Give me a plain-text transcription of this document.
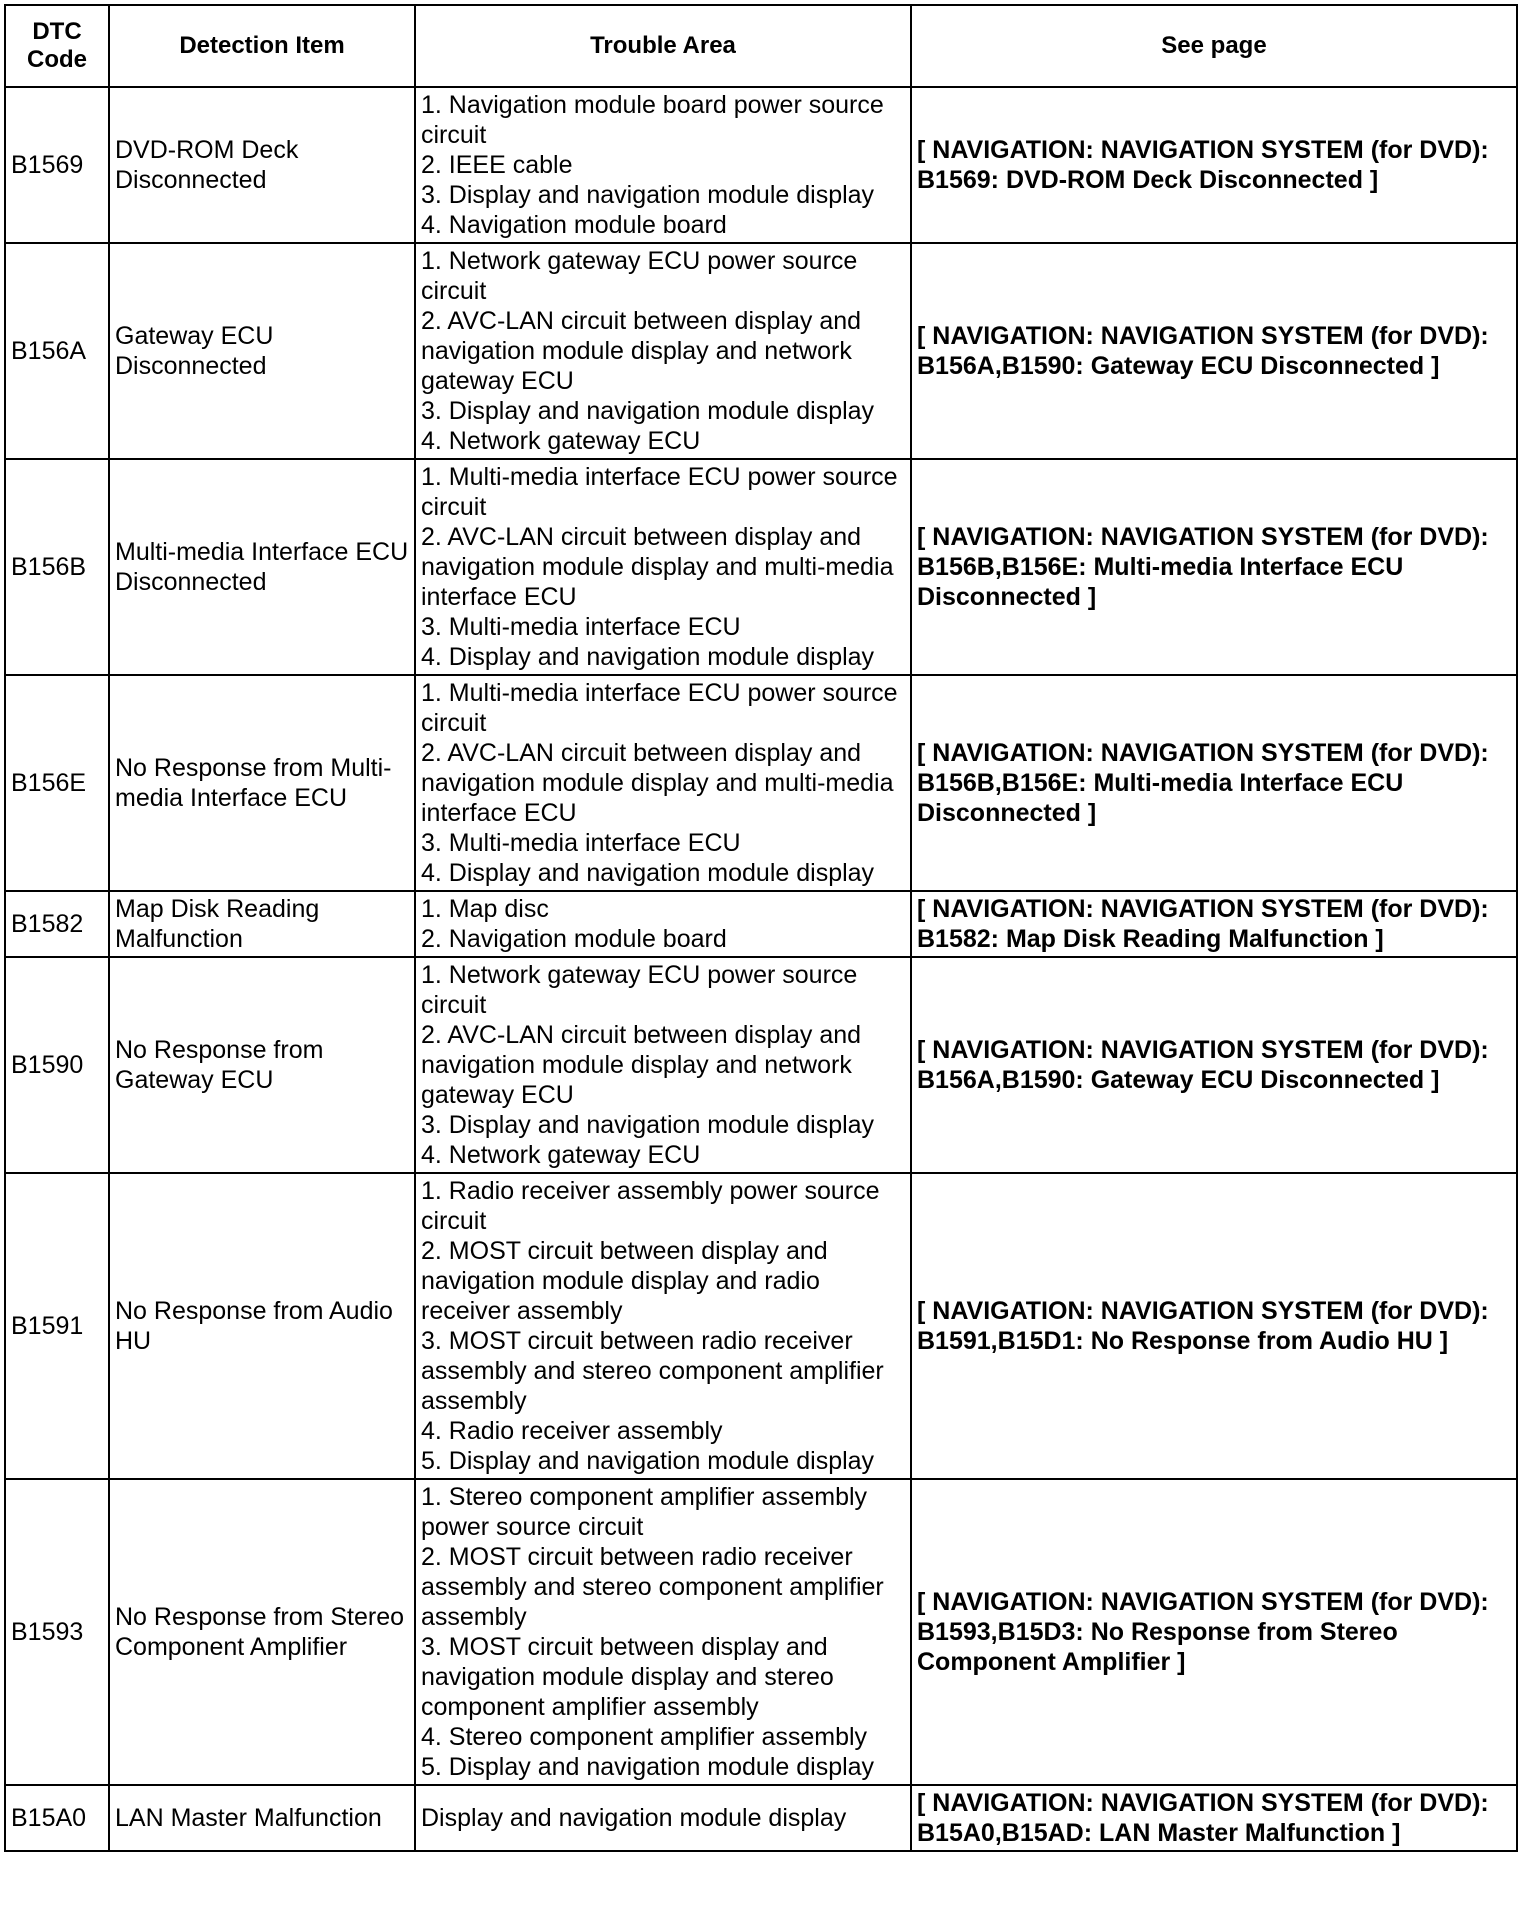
DTC Code	Detection Item	Trouble Area	See page
B1569	DVD-ROM Deck Disconnected	1. Navigation module board power source circuit
2. IEEE cable
3. Display and navigation module display
4. Navigation module board	[ NAVIGATION: NAVIGATION SYSTEM (for DVD): B1569: DVD-ROM Deck Disconnected ]
B156A	Gateway ECU Disconnected	1. Network gateway ECU power source circuit
2. AVC-LAN circuit between display and navigation module display and network gateway ECU
3. Display and navigation module display
4. Network gateway ECU	[ NAVIGATION: NAVIGATION SYSTEM (for DVD): B156A,B1590: Gateway ECU Disconnected ]
B156B	Multi-media Interface ECU Disconnected	1. Multi-media interface ECU power source circuit
2. AVC-LAN circuit between display and navigation module display and multi-media interface ECU
3. Multi-media interface ECU
4. Display and navigation module display	[ NAVIGATION: NAVIGATION SYSTEM (for DVD): B156B,B156E: Multi-media Interface ECU Disconnected ]
B156E	No Response from Multi-media Interface ECU	1. Multi-media interface ECU power source circuit
2. AVC-LAN circuit between display and navigation module display and multi-media interface ECU
3. Multi-media interface ECU
4. Display and navigation module display	[ NAVIGATION: NAVIGATION SYSTEM (for DVD): B156B,B156E: Multi-media Interface ECU Disconnected ]
B1582	Map Disk Reading Malfunction	1. Map disc
2. Navigation module board	[ NAVIGATION: NAVIGATION SYSTEM (for DVD): B1582: Map Disk Reading Malfunction ]
B1590	No Response from Gateway ECU	1. Network gateway ECU power source circuit
2. AVC-LAN circuit between display and navigation module display and network gateway ECU
3. Display and navigation module display
4. Network gateway ECU	[ NAVIGATION: NAVIGATION SYSTEM (for DVD): B156A,B1590: Gateway ECU Disconnected ]
B1591	No Response from Audio HU	1. Radio receiver assembly power source circuit
2. MOST circuit between display and navigation module display and radio receiver assembly
3. MOST circuit between radio receiver assembly and stereo component amplifier assembly
4. Radio receiver assembly
5. Display and navigation module display	[ NAVIGATION: NAVIGATION SYSTEM (for DVD): B1591,B15D1: No Response from Audio HU ]
B1593	No Response from Stereo Component Amplifier	1. Stereo component amplifier assembly power source circuit
2. MOST circuit between radio receiver assembly and stereo component amplifier assembly
3. MOST circuit between display and navigation module display and stereo component amplifier assembly
4. Stereo component amplifier assembly
5. Display and navigation module display	[ NAVIGATION: NAVIGATION SYSTEM (for DVD): B1593,B15D3: No Response from Stereo Component Amplifier ]
B15A0	LAN Master Malfunction	Display and navigation module display	[ NAVIGATION: NAVIGATION SYSTEM (for DVD): B15A0,B15AD: LAN Master Malfunction ]
